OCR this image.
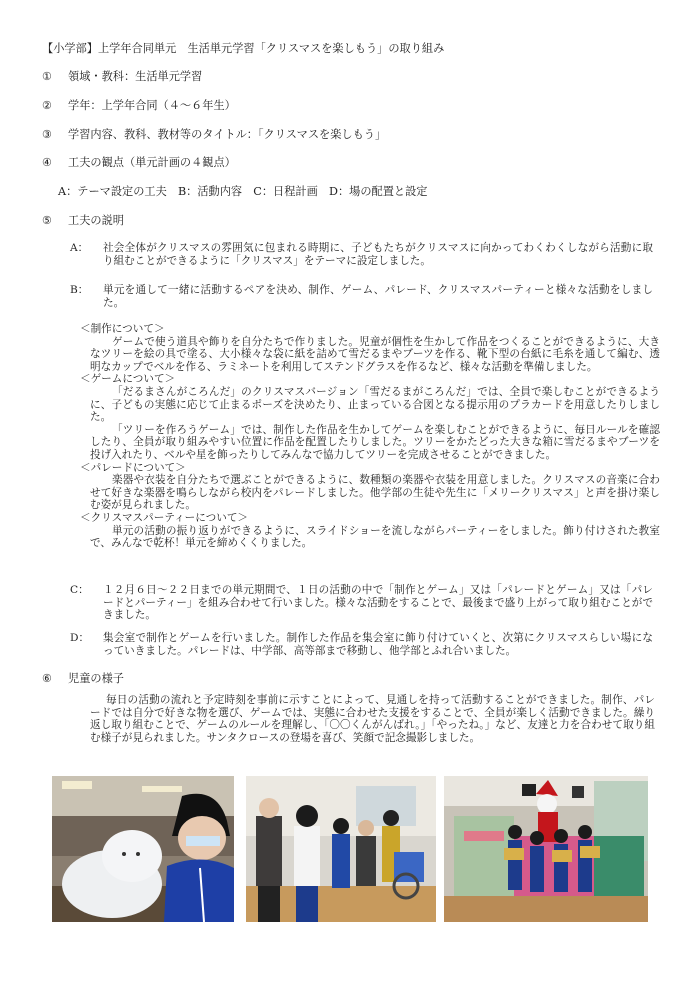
【小学部】上学年合同単元　生活単元学習「クリスマスを楽しもう」の取り組み
① 領域・教科：生活単元学習
② 学年：上学年合同（４～６年生）
③ 学習内容、教科、教材等のタイトル：「クリスマスを楽しもう」
④ 工夫の観点（単元計画の４観点）
A：テーマ設定の工夫　B：活動内容　C：日程計画　D：場の配置と設定
⑤ 工夫の説明
A：	社会全体がクリスマスの雰囲気に包まれる時期に、子どもたちがクリスマスに向かってわくわくしながら活動に取り組むことができるように「クリスマス」をテーマに設定しました。
B：	単元を通して一緒に活動するペアを決め、制作、ゲーム、パレード、クリスマスパーティーと様々な活動をしました。
＜制作について＞
ゲームで使う道具や飾りを自分たちで作りました。児童が個性を生かして作品をつくることができるように、大きなツリーを絵の具で塗る、大小様々な袋に紙を詰めて雪だるまやブーツを作る、靴下型の台紙に毛糸を通して編む、透明なカップでベルを作る、ラミネートを利用してステンドグラスを作るなど、様々な活動を準備しました。
＜ゲームについて＞
「だるまさんがころんだ」のクリスマスバージョン「雪だるまがころんだ」では、全員で楽しむことができるように、子どもの実態に応じて止まるポーズを決めたり、止まっている合図となる提示用のプラカードを用意したりしました。
「ツリーを作ろうゲーム」では、制作した作品を生かしてゲームを楽しむことができるように、毎日ルールを確認したり、全員が取り組みやすい位置に作品を配置したりしました。ツリーをかたどった大きな箱に雪だるまやブーツを投げ入れたり、ベルや星を飾ったりしてみんなで協力してツリーを完成させることができました。
＜パレードについて＞
楽器や衣装を自分たちで選ぶことができるように、数種類の楽器や衣装を用意しました。クリスマスの音楽に合わせて好きな楽器を鳴らしながら校内をパレードしました。他学部の生徒や先生に「メリークリスマス」と声を掛け楽しむ姿が見られました。
＜クリスマスパーティーについて＞
単元の活動の振り返りができるように、スライドショーを流しながらパーティーをしました。飾り付けされた教室で、みんなで乾杯！単元を締めくくりました。
C：	１２月６日～２２日までの単元期間で、１日の活動の中で「制作とゲーム」又は「パレードとゲーム」又は「パレードとパーティー」を組み合わせて行いました。様々な活動をすることで、最後まで盛り上がって取り組むことができました。
D：	集会室で制作とゲームを行いました。制作した作品を集会室に飾り付けていくと、次第にクリスマスらしい場になっていきました。パレードは、中学部、高等部まで移動し、他学部とふれ合いました。
⑥ 児童の様子
毎日の活動の流れと予定時刻を事前に示すことによって、見通しを持って活動することができました。制作、パレードでは自分で好きな物を選び、ゲームでは、実態に合わせた支援をすることで、全員が楽しく活動できました。繰り返し取り組むことで、ゲームのルールを理解し、「〇〇くんがんばれ。」「やったね。」など、友達と力を合わせて取り組む様子が見られました。サンタクロースの登場を喜び、笑顔で記念撮影しました。
